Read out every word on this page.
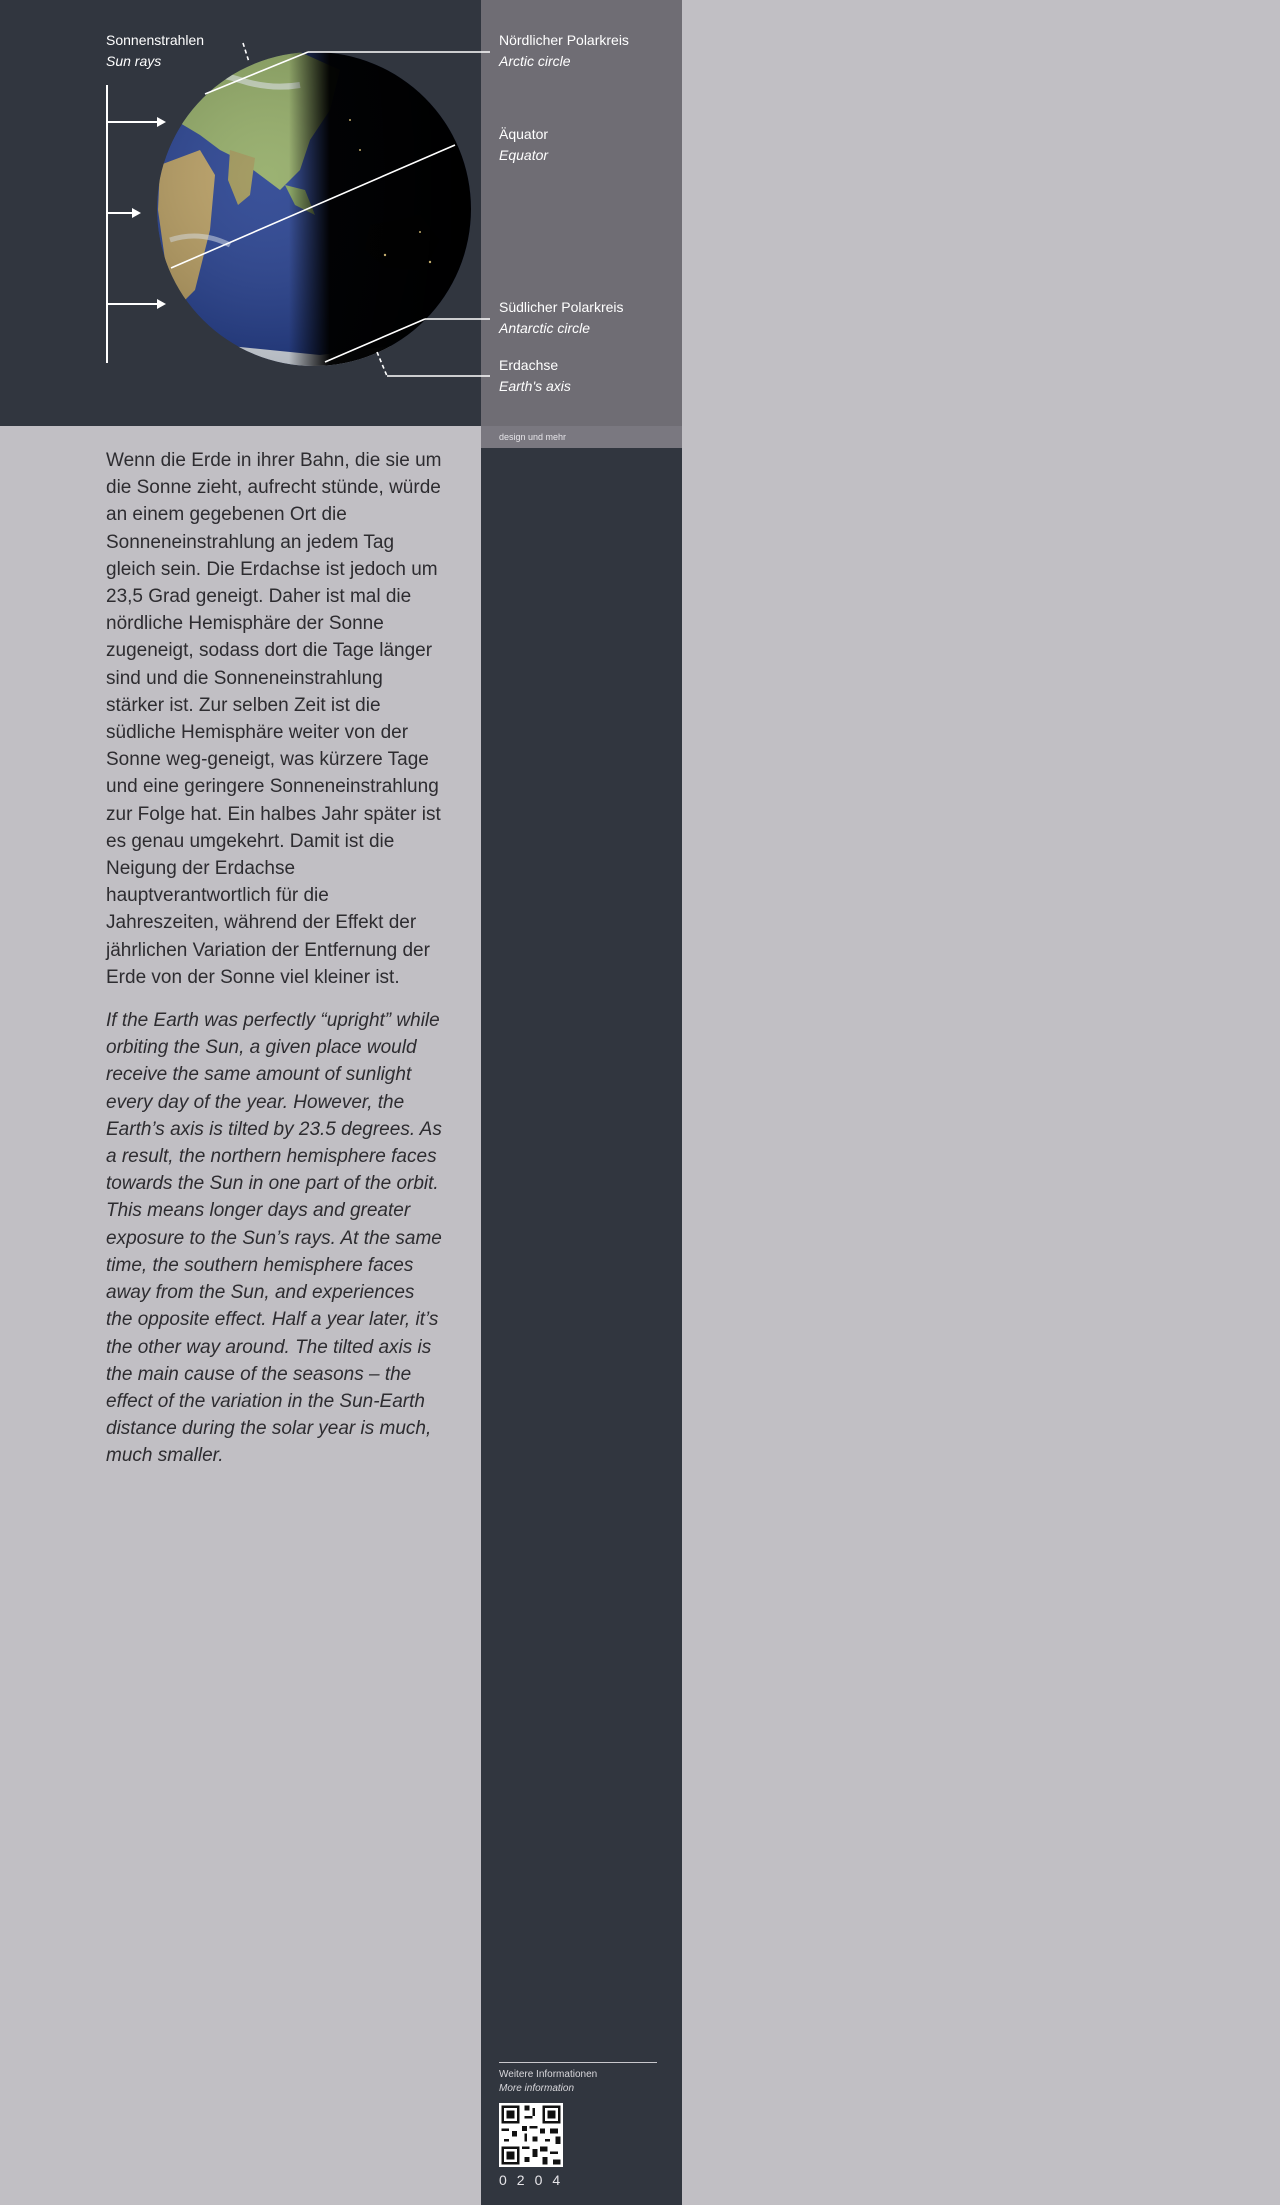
Sonnenstrahlen
Sun rays
Nördlicher Polarkreis
Arctic circle
Äquator
Equator
Südlicher Polarkreis
Antarctic circle
Erdachse
Earth's axis
design und mehr

Wenn die Erde in ihrer Bahn, die sie um die Sonne zieht, aufrecht stünde, würde an einem gegebenen Ort die Sonneneinstrahlung an jedem Tag gleich sein. Die Erdachse ist jedoch um 23,5 Grad geneigt. Daher ist mal die nördliche Hemisphäre der Sonne zugeneigt, sodass dort die Tage länger sind und die Sonneneinstrahlung stärker ist. Zur selben Zeit ist die südliche Hemisphäre weiter von der Sonne weg-geneigt, was kürzere Tage und eine geringere Sonneneinstrahlung zur Folge hat. Ein halbes Jahr später ist es genau umgekehrt. Damit ist die Neigung der Erdachse hauptverantwortlich für die Jahreszeiten, während der Effekt der jährlichen Variation der Entfernung der Erde von der Sonne viel kleiner ist.

If the Earth was perfectly “upright” while orbiting the Sun, a given place would receive the same amount of sunlight every day of the year. However, the Earth’s axis is tilted by 23.5 degrees. As a result, the northern hemisphere faces towards the Sun in one part of the orbit. This means longer days and greater exposure to the Sun’s rays. At the same time, the southern hemisphere faces away from the Sun, and experiences the opposite effect. Half a year later, it’s the other way around. The tilted axis is the main cause of the seasons – the effect of the variation in the Sun-Earth distance during the solar year is much, much smaller.

Weitere Informationen
More information
0204
